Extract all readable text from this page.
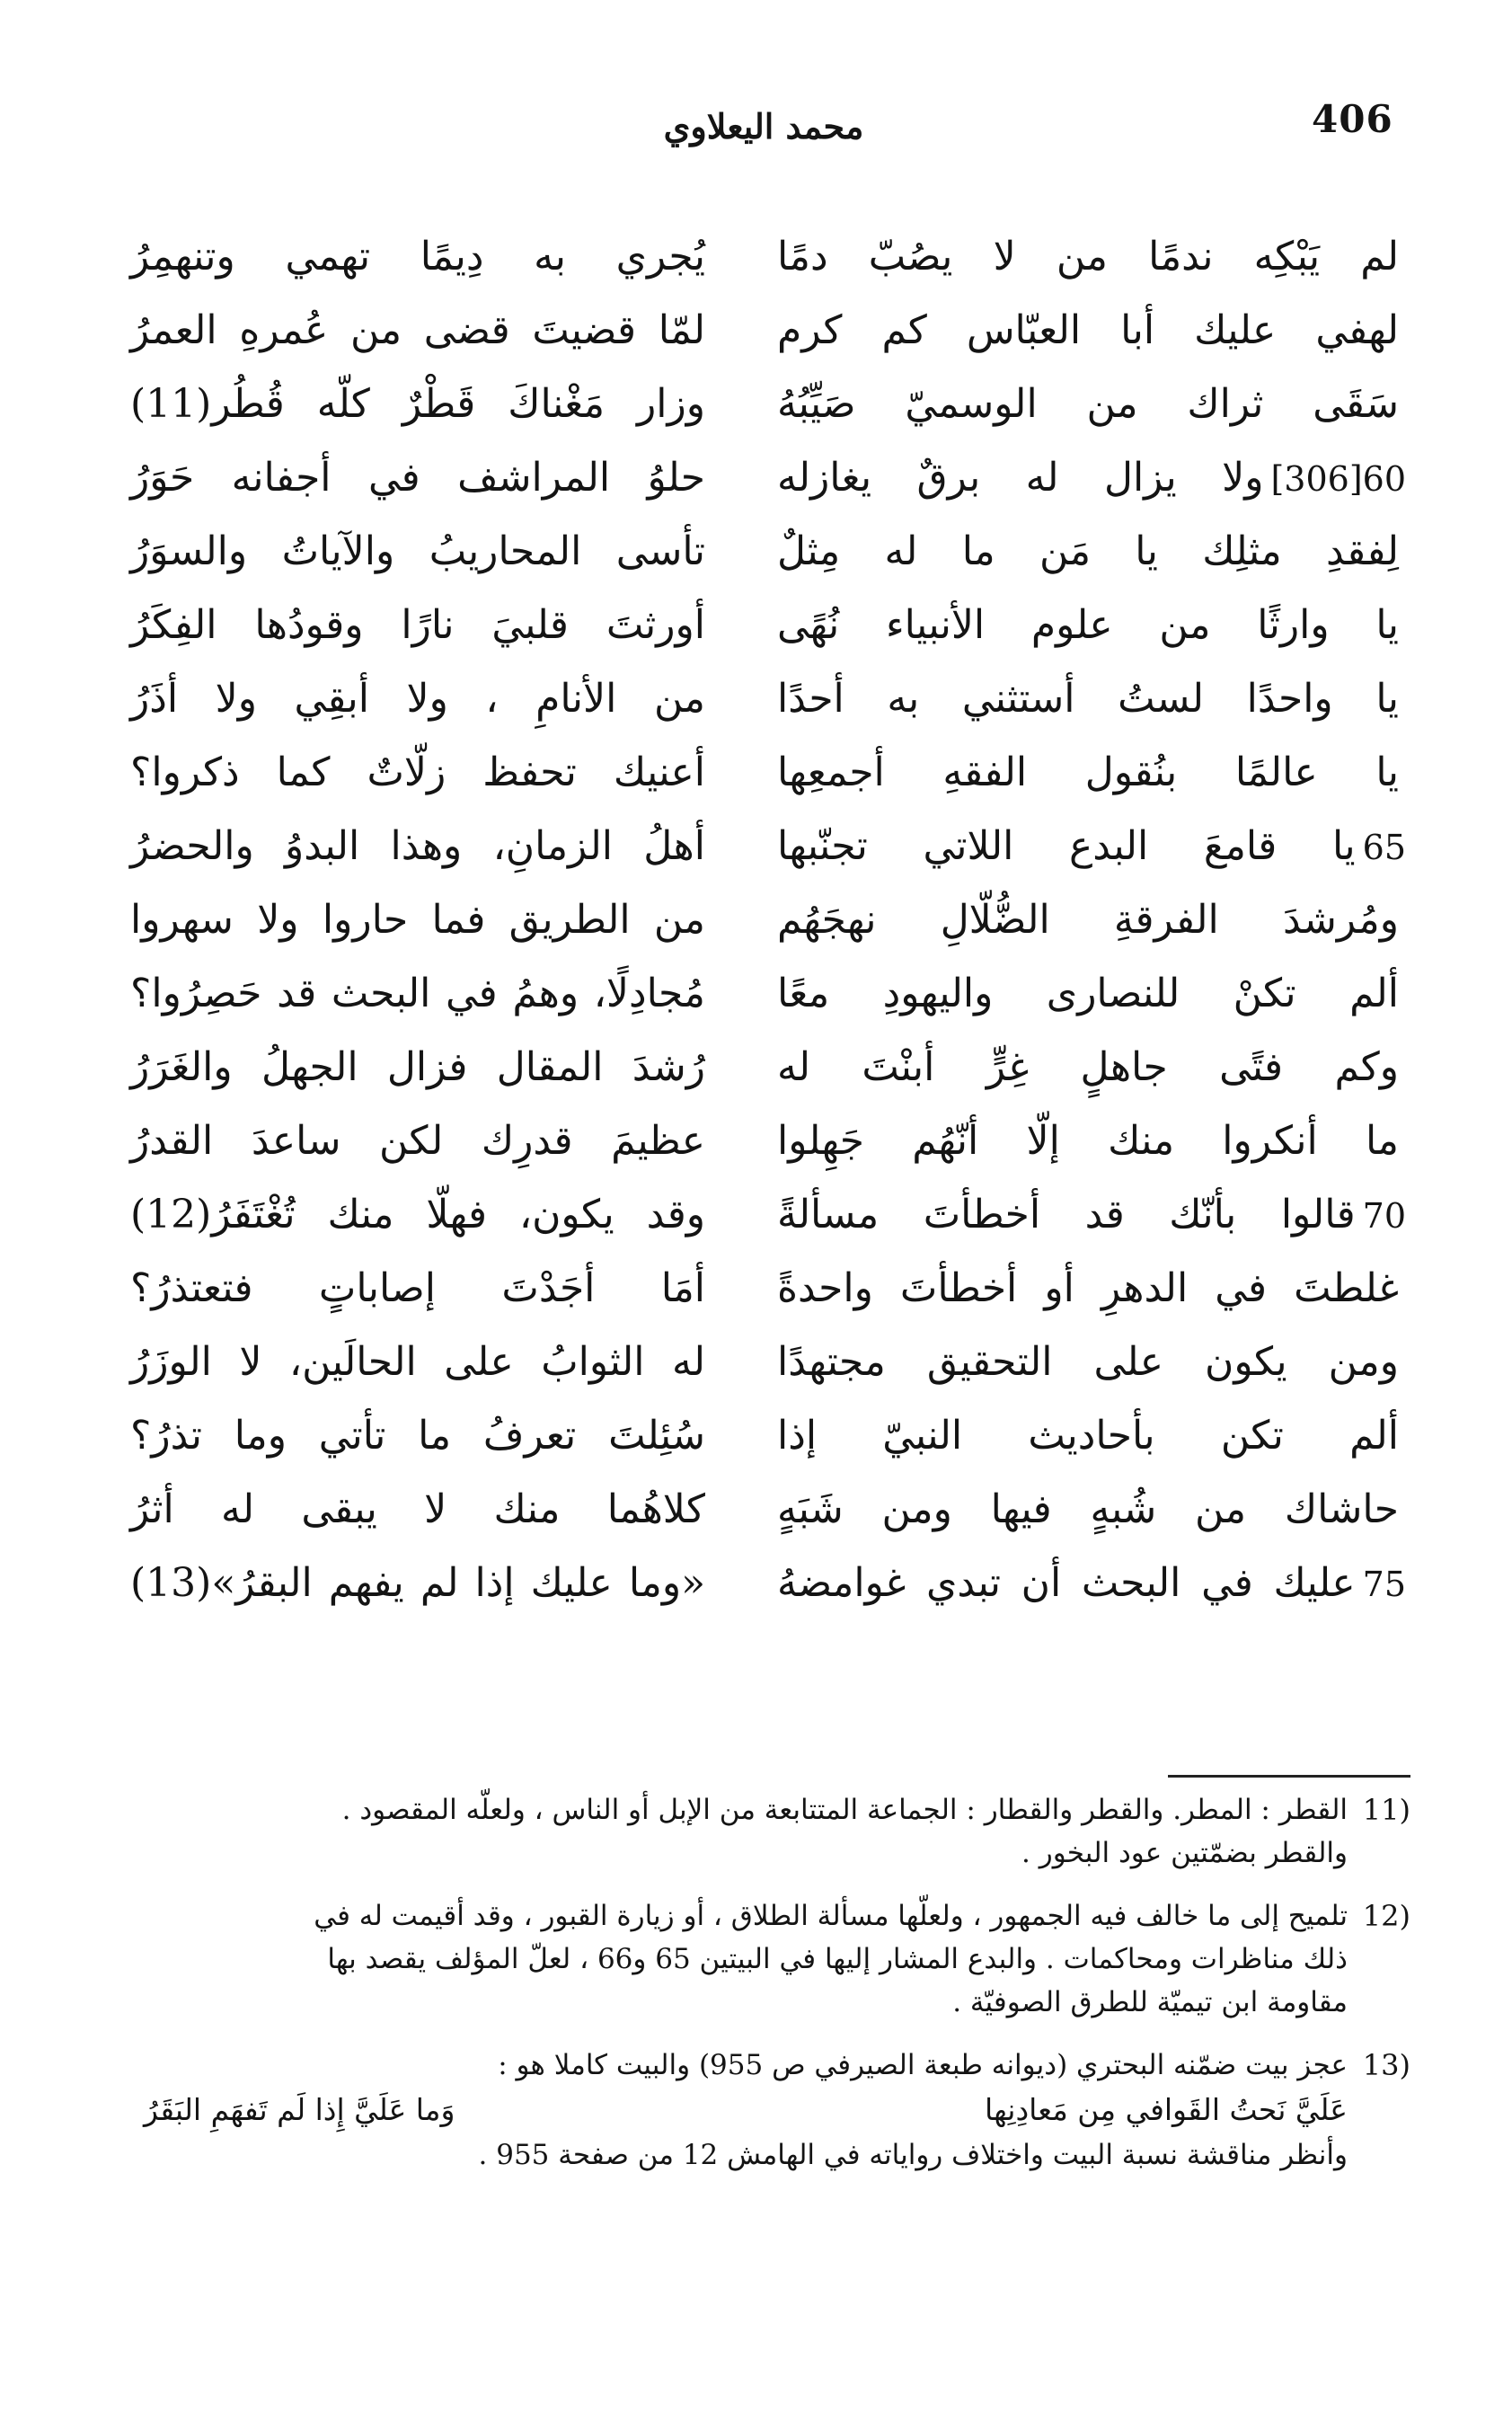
406
محمد اليعلاوي
لم يَبْكِه ندمًا من لا يصُبّ دمًا
لهفي عليك أبا العبّاس كم كرم
سَقَى ثراك من الوسميّ صَيِّبُهُ
60[306]ولا يزال له برقٌ يغازله
لِفقدِ مثلِك يا مَن ما له مِثلٌ
يا وارثًا من علوم الأنبياء نُهًى
يا واحدًا لستُ أستثني به أحدًا
يا عالمًا بنُقول الفقهِ أجمعِها
65يا قامعَ البدع اللاتي تجنّبها
ومُرشدَ الفرقةِ الضُّلّالِ نهجَهُم
ألم تكنْ للنصارى واليهودِ معًا
وكم فتًى جاهلٍ غِرٍّ أبنْتَ له
ما أنكروا منك إلّا أنّهُم جَهِلوا
70قالوا بأنّك قد أخطأتَ مسألةً
غلطتَ في الدهرِ أو أخطأتَ واحدةً
ومن يكون على التحقيق مجتهدًا
ألم تكن بأحاديث النبيّ إذا
حاشاك من شُبهٍ فيها ومن شَبَهٍ
75عليك في البحث أن تبدي غوامضهُ
يُجري به دِيمًا تهمي وتنهمِرُ
لمّا قضيتَ قضى من عُمرهِ العمرُ
وزار مَغْناكَ قَطْرٌ كلّه قُطُر(11)
حلوُ المراشف في أجفانه حَوَرُ
تأسى المحاريبُ والآياتُ والسوَرُ
أورثتَ قلبيَ نارًا وقودُها الفِكَرُ
من الأنامِ ، ولا أبقِي ولا أذَرُ
أعنيك تحفظ زلّاتٌ كما ذكروا؟
أهلُ الزمانِ، وهذا البدوُ والحضرُ
من الطريق فما حاروا ولا سهروا
مُجادِلًا، وهمُ في البحث قد حَصِرُوا؟
رُشدَ المقال فزال الجهلُ والغَرَرُ
عظيمَ قدرِك لكن ساعدَ القدرُ
وقد يكون، فهلّا منك تُغْتَفَرُ(12)
أمَا أجَدْتَ إصاباتٍ فتعتذرُ؟
له الثوابُ على الحالَين، لا الوزَرُ
سُئِلتَ تعرفُ ما تأتي وما تذرُ؟
كلاهُما منك لا يبقى له أثرُ
«وما عليك إذا لم يفهم البقرُ»(13)
11)
القطر : المطر. والقطر والقطار : الجماعة المتتابعة من الإبل أو الناس ، ولعلّه المقصود .
والقطر بضمّتين عود البخور .
12)
تلميح إلى ما خالف فيه الجمهور ، ولعلّها مسألة الطلاق ، أو زيارة القبور ، وقد أقيمت له في
ذلك مناظرات ومحاكمات . والبدع المشار إليها في البيتين 65 و66 ، لعلّ المؤلف يقصد بها
مقاومة ابن تيميّة للطرق الصوفيّة .
13)
عجز بيت ضمّنه البحتري (ديوانه طبعة الصيرفي ص 955) والبيت كاملا هو :
عَلَيَّ نَحتُ القَوافي مِن مَعادِنِها
وَما عَلَيَّ إِذا لَم تَفهَمِ البَقَرُ
وأنظر مناقشة نسبة البيت واختلاف رواياته في الهامش 12 من صفحة 955 .
